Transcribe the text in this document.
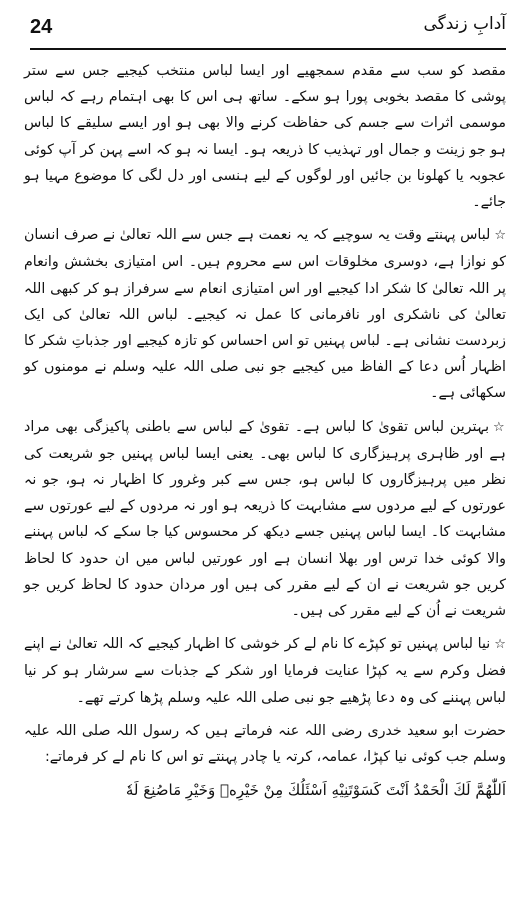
24	آدابِ زندگی

مقصد کو سب سے مقدم سمجھیے اور ایسا لباس منتخب کیجیے جس سے ستر پوشی کا مقصد بخوبی پورا ہو سکے۔ ساتھ ہی اس کا بھی اہتمام رہے کہ لباس موسمی اثرات سے جسم کی حفاظت کرنے والا بھی ہو اور ایسے سلیقے کا لباس ہو جو زینت و جمال اور تہذیب کا ذریعہ ہو۔ ایسا نہ ہو کہ اسے پہن کر آپ کوئی عجوبہ یا کھلونا بن جائیں اور لوگوں کے لیے ہنسی اور دل لگی کا موضوع مہیا ہو جائے۔

☆لباس پہنتے وقت یہ سوچیے کہ یہ نعمت ہے جس سے اللہ تعالیٰ نے صرف انسان کو نوازا ہے، دوسری مخلوقات اس سے محروم ہیں۔ اس امتیازی بخشش وانعام پر اللہ تعالیٰ کا شکر ادا کیجیے اور اس امتیازی انعام سے سرفراز ہو کر کبھی اللہ تعالیٰ کی ناشکری اور نافرمانی کا عمل نہ کیجیے۔ لباس اللہ تعالیٰ کی ایک زبردست نشانی ہے۔ لباس پہنیں تو اس احساس کو تازہ کیجیے اور جذباتِ شکر کا اظہار اُس دعا کے الفاظ میں کیجیے جو نبی صلی اللہ علیہ وسلم نے مومنوں کو سکھائی ہے۔

☆بہترین لباس تقویٰ کا لباس ہے۔ تقویٰ کے لباس سے باطنی پاکیزگی بھی مراد ہے اور ظاہری پرہیزگاری کا لباس بھی۔ یعنی ایسا لباس پہنیں جو شریعت کی نظر میں پرہیزگاروں کا لباس ہو، جس سے کبر وغرور کا اظہار نہ ہو، جو نہ عورتوں کے لیے مردوں سے مشابہت کا ذریعہ ہو اور نہ مردوں کے لیے عورتوں سے مشابہت کا۔ ایسا لباس پہنیں جسے دیکھ کر محسوس کیا جا سکے کہ لباس پہننے والا کوئی خدا ترس اور بھلا انسان ہے اور عورتیں لباس میں ان حدود کا لحاظ کریں جو شریعت نے ان کے لیے مقرر کی ہیں اور مردان حدود کا لحاظ کریں جو شریعت نے اُن کے لیے مقرر کی ہیں۔

☆نیا لباس پہنیں تو کپڑے کا نام لے کر خوشی کا اظہار کیجیے کہ اللہ تعالیٰ نے اپنے فضل وکرم سے یہ کپڑا عنایت فرمایا اور شکر کے جذبات سے سرشار ہو کر نیا لباس پہننے کی وہ دعا پڑھیے جو نبی صلی اللہ علیہ وسلم پڑھا کرتے تھے۔

حضرت ابو سعید خدری رضی اللہ عنہ فرماتے ہیں کہ رسول اللہ صلی اللہ علیہ وسلم جب کوئی نیا کپڑا، عمامہ، کرتہ یا چادر پہنتے تو اس کا نام لے کر فرماتے:

اَللّٰهُمَّ لَكَ الْحَمْدُ اَنْتَ كَسَوْتَنِيْهِ اَسْئَلُكَ مِنْ خَيْرِهٖ وَخَيْرِ مَاصُنِعَ لَهٗ
